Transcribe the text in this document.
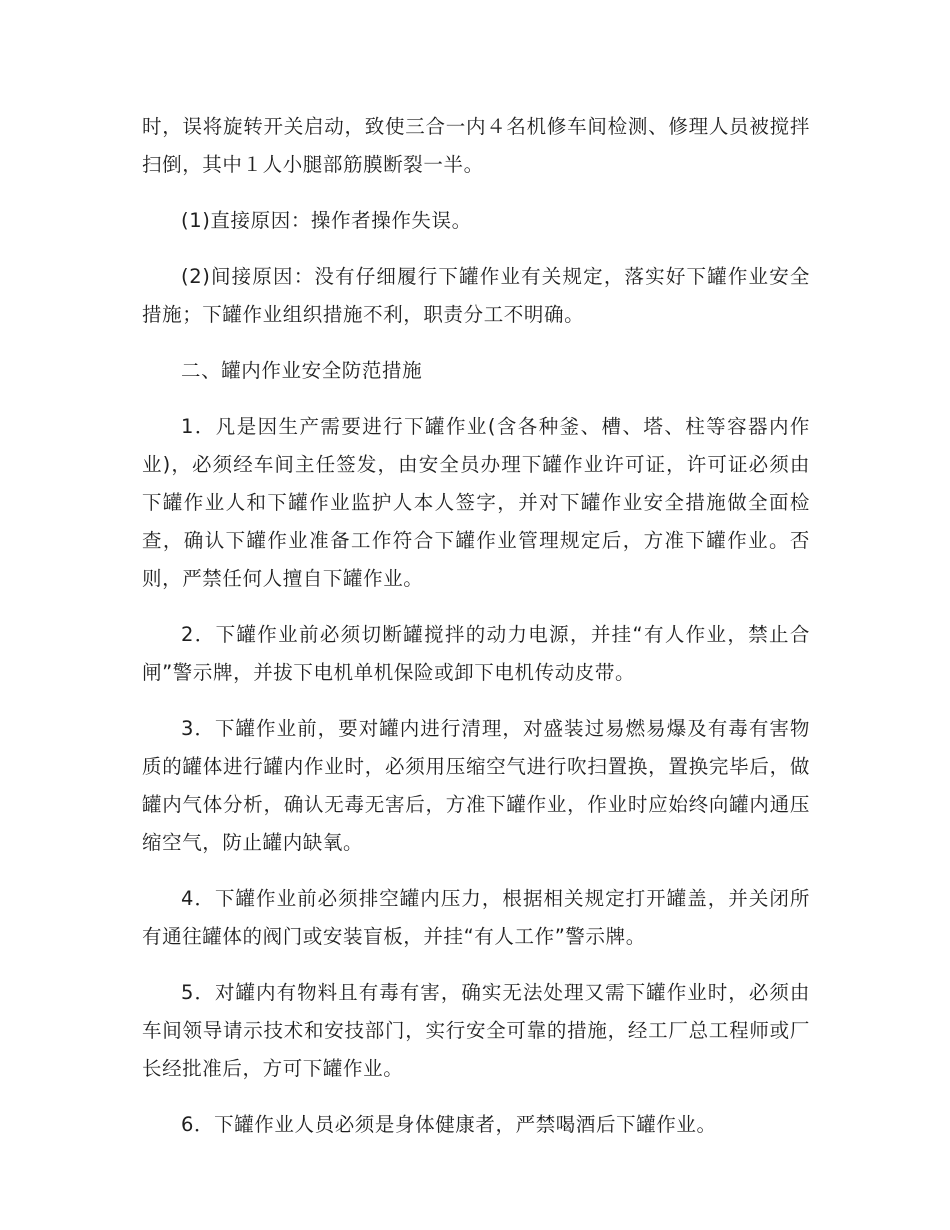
时，误将旋转开关启动，致使三合一内４名机修车间检测、修理人员被搅拌扫倒，其中１人小腿部筋膜断裂一半。

(1)直接原因：操作者操作失误。

(2)间接原因：没有仔细履行下罐作业有关规定，落实好下罐作业安全措施；下罐作业组织措施不利，职责分工不明确。

二、罐内作业安全防范措施

1．凡是因生产需要进行下罐作业(含各种釜、槽、塔、柱等容器内作业)，必须经车间主任签发，由安全员办理下罐作业许可证，许可证必须由下罐作业人和下罐作业监护人本人签字，并对下罐作业安全措施做全面检查，确认下罐作业准备工作符合下罐作业管理规定后，方准下罐作业。否则，严禁任何人擅自下罐作业。

2．下罐作业前必须切断罐搅拌的动力电源，并挂“有人作业，禁止合闸”警示牌，并拔下电机单机保险或卸下电机传动皮带。

3．下罐作业前，要对罐内进行清理，对盛装过易燃易爆及有毒有害物质的罐体进行罐内作业时，必须用压缩空气进行吹扫置换，置换完毕后，做罐内气体分析，确认无毒无害后，方准下罐作业，作业时应始终向罐内通压缩空气，防止罐内缺氧。

4．下罐作业前必须排空罐内压力，根据相关规定打开罐盖，并关闭所有通往罐体的阀门或安装盲板，并挂“有人工作”警示牌。

5．对罐内有物料且有毒有害，确实无法处理又需下罐作业时，必须由车间领导请示技术和安技部门，实行安全可靠的措施，经工厂总工程师或厂长经批准后，方可下罐作业。

6．下罐作业人员必须是身体健康者，严禁喝酒后下罐作业。
